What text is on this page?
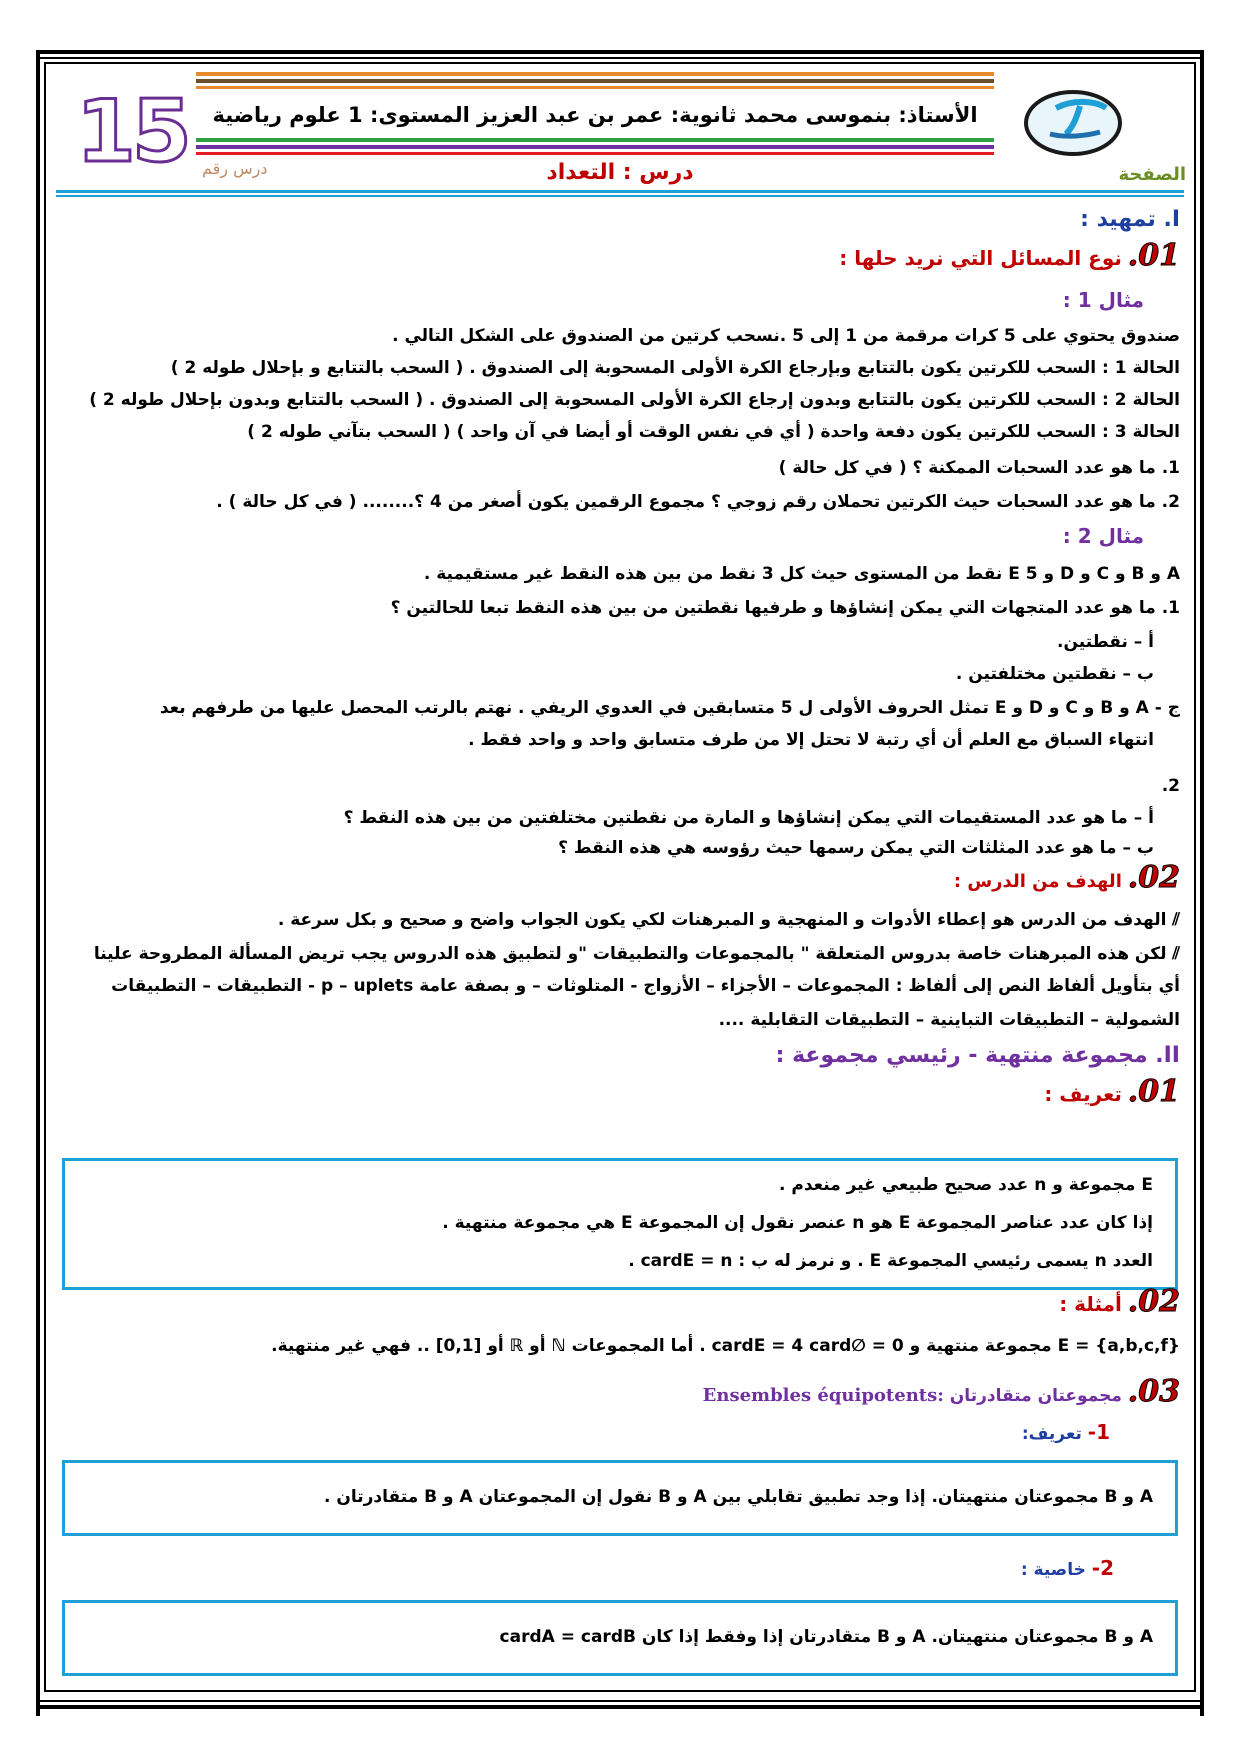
15 درس رقم	الصفحة
الأستاذ: بنموسى محمد ثانوية: عمر بن عبد العزيز المستوى: 1 علوم رياضية
درس : التعداد
I. تمهيد :
01. نوع المسائل التي نريد حلها :
مثال 1 :
صندوق يحتوي على 5 كرات مرقمة من 1 إلى 5 .نسحب كرتين من الصندوق على الشكل التالي .
الحالة 1 : السحب للكرتين يكون بالتتابع وبإرجاع الكرة الأولى المسحوبة إلى الصندوق . ( السحب بالتتابع و بإحلال طوله 2 )
الحالة 2 : السحب للكرتين يكون بالتتابع وبدون إرجاع الكرة الأولى المسحوبة إلى الصندوق . ( السحب بالتتابع وبدون بإحلال طوله 2 )
الحالة 3 : السحب للكرتين يكون دفعة واحدة ( أي في نفس الوقت أو أيضا في آن واحد ) ( السحب بتآني طوله 2 )
1. ما هو عدد السحبات الممكنة ؟ ( في كل حالة )
2. ما هو عدد السحبات حيث الكرتين تحملان رقم زوجي ؟ مجموع الرقمين يكون أصغر من 4 ؟........ ( في كل حالة ) .
مثال 2 :
A و B و C و D و E 5 نقط من المستوى حيث كل 3 نقط من بين هذه النقط غير مستقيمية .
1. ما هو عدد المتجهات التي يمكن إنشاؤها و طرفيها نقطتين من بين هذه النقط تبعا للحالتين ؟
أ – نقطتين.
ب – نقطتين مختلفتين .
ج - A و B و C و D و E تمثل الحروف الأولى ل 5 متسابقين في العدوي الريفي . نهتم بالرتب المحصل عليها من طرفهم بعد
انتهاء السباق مع العلم أن أي رتبة لا تحتل إلا من طرف متسابق واحد و واحد فقط .
2.
أ – ما هو عدد المستقيمات التي يمكن إنشاؤها و المارة من نقطتين مختلفتين من بين هذه النقط ؟
ب – ما هو عدد المثلثات التي يمكن رسمها حيث رؤوسه هي هذه النقط ؟
02. الهدف من الدرس :
⫽ الهدف من الدرس هو إعطاء الأدوات و المنهجية و المبرهنات لكي يكون الجواب واضح و صحيح و بكل سرعة .
⫽ لكن هذه المبرهنات خاصة بدروس المتعلقة " بالمجموعات والتطبيقات "و لتطبيق هذه الدروس يجب تريض المسألة المطروحة علينا
أي بتأويل ألفاظ النص إلى ألفاظ : المجموعات – الأجزاء – الأزواج - المتلوثات – و بصفة عامة p – uplets - التطبيقات – التطبيقات
الشمولية – التطبيقات التباينية – التطبيقات التقابلية ....
II. مجموعة منتهية - رئيسي مجموعة :
01. تعريف :
E مجموعة و n عدد صحيح طبيعي غير منعدم .
إذا كان عدد عناصر المجموعة E هو n عنصر نقول إن المجموعة E هي مجموعة منتهية .
العدد n يسمى رئيسي المجموعة E . و نرمز له ب : cardE = n .
02. أمثلة :
E = {a,b,c,f} مجموعة منتهية و cardE = 4 card∅ = 0 . أما المجموعات ℕ أو ℝ أو [0,1] .. فهي غير منتهية.
03. مجموعتان متقادرتان Ensembles équipotents:
1- تعريف:
A و B مجموعتان منتهيتان. إذا وجد تطبيق تقابلي بين A و B نقول إن المجموعتان A و B متقادرتان .
2- خاصية :
A و B مجموعتان منتهيتان. A و B متقادرتان إذا وفقط إذا كان cardA = cardB
